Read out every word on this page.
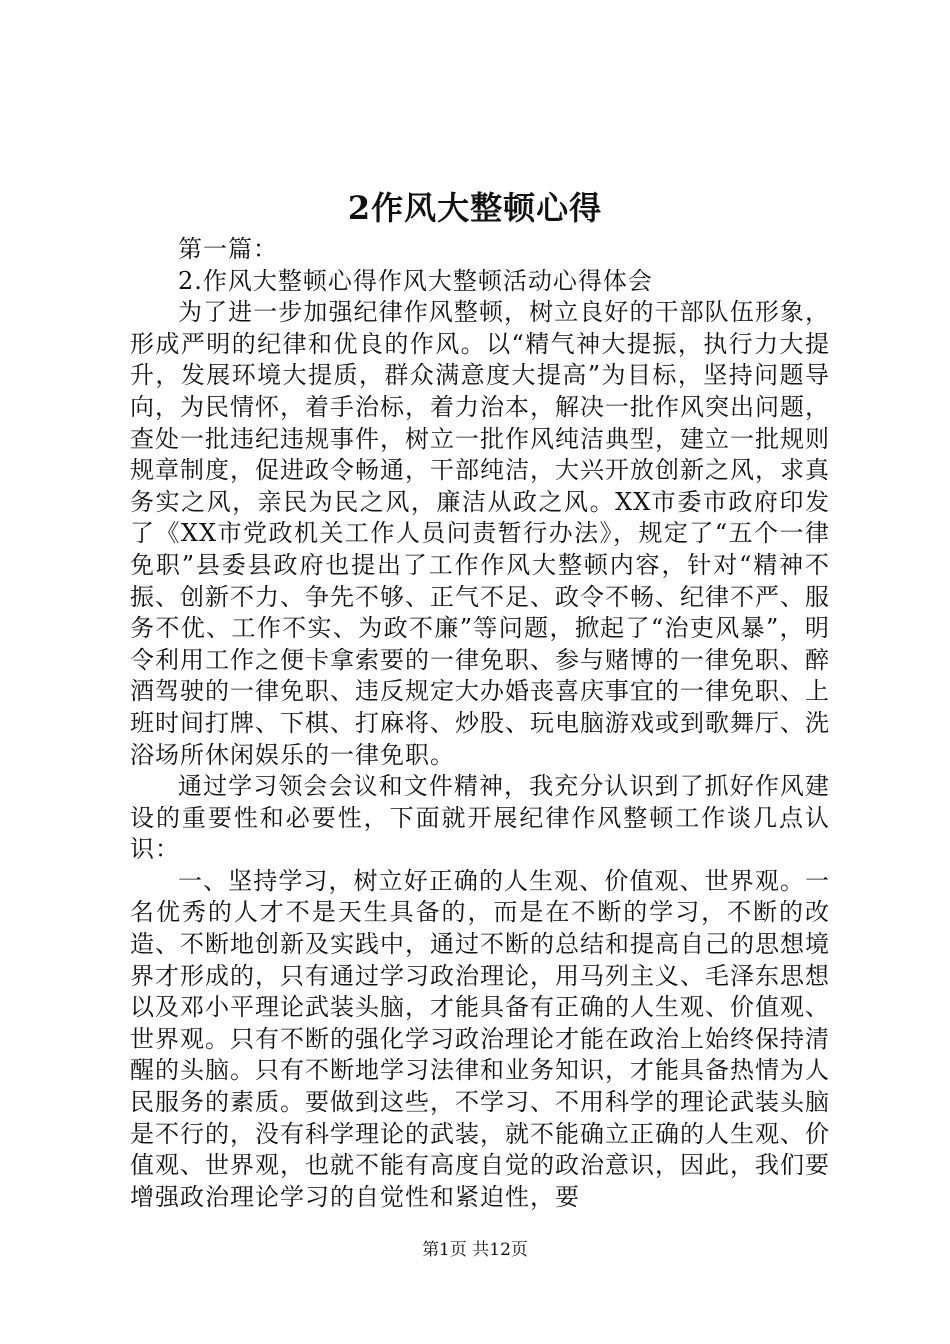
2作风大整顿心得

第一篇：

2.作风大整顿心得作风大整顿活动心得体会

为了进一步加强纪律作风整顿，树立良好的干部队伍形象，形成严明的纪律和优良的作风。以“精气神大提振，执行力大提升，发展环境大提质，群众满意度大提高”为目标，坚持问题导向，为民情怀，着手治标，着力治本，解决一批作风突出问题，查处一批违纪违规事件，树立一批作风纯洁典型，建立一批规则规章制度，促进政令畅通，干部纯洁，大兴开放创新之风，求真务实之风，亲民为民之风，廉洁从政之风。XX市委市政府印发了《XX市党政机关工作人员问责暂行办法》，规定了“五个一律免职”县委县政府也提出了工作作风大整顿内容，针对“精神不振、创新不力、争先不够、正气不足、政令不畅、纪律不严、服务不优、工作不实、为政不廉”等问题，掀起了“治吏风暴”，明令利用工作之便卡拿索要的一律免职、参与赌博的一律免职、醉酒驾驶的一律免职、违反规定大办婚丧喜庆事宜的一律免职、上班时间打牌、下棋、打麻将、炒股、玩电脑游戏或到歌舞厅、洗浴场所休闲娱乐的一律免职。

通过学习领会会议和文件精神，我充分认识到了抓好作风建设的重要性和必要性，下面就开展纪律作风整顿工作谈几点认识：

一、坚持学习，树立好正确的人生观、价值观、世界观。一名优秀的人才不是天生具备的，而是在不断的学习，不断的改造、不断地创新及实践中，通过不断的总结和提高自己的思想境界才形成的，只有通过学习政治理论，用马列主义、毛泽东思想以及邓小平理论武装头脑，才能具备有正确的人生观、价值观、世界观。只有不断的强化学习政治理论才能在政治上始终保持清醒的头脑。只有不断地学习法律和业务知识，才能具备热情为人民服务的素质。要做到这些，不学习、不用科学的理论武装头脑是不行的，没有科学理论的武装，就不能确立正确的人生观、价值观、世界观，也就不能有高度自觉的政治意识，因此，我们要增强政治理论学习的自觉性和紧迫性，要

第1页 共12页
